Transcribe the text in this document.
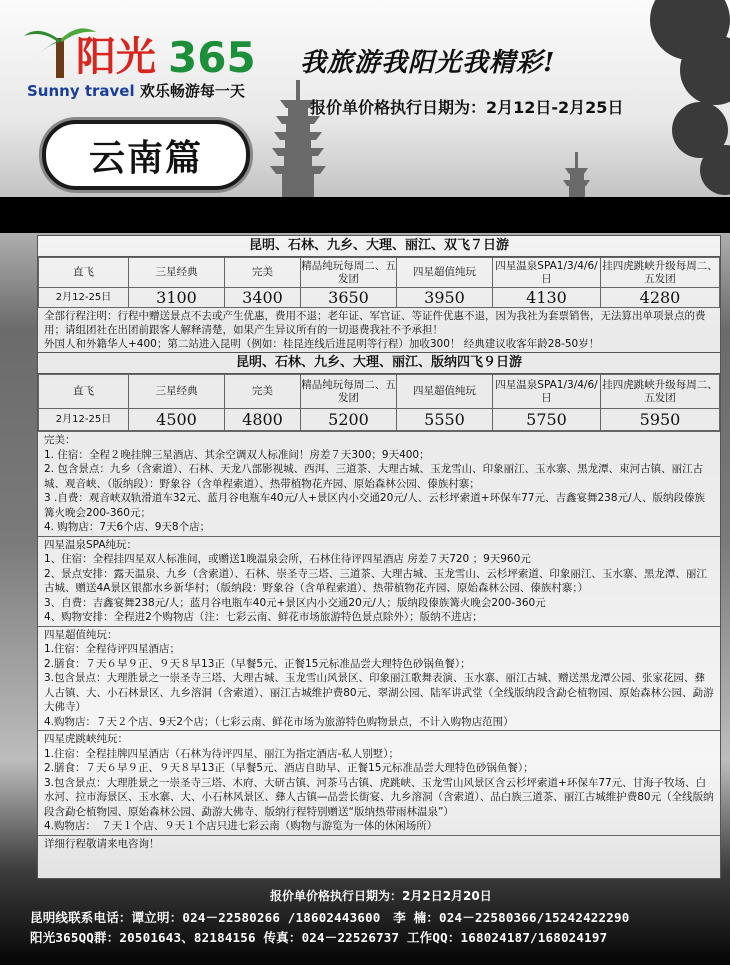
阳光 365
Sunny travel 欢乐畅游每一天
我旅游我阳光我精彩!
报价单价格执行日期为：2月12日-2月25日
云南篇
昆明、石林、九乡、大理、丽江、双飞７日游
直飞	三星经典	完美	精品纯玩每周二、五发团	四星超值纯玩	四星温泉SPA1/3/4/6/日	挂四虎跳峡升级每周二、五发团
2月12-25日	3100	3400	3650	3950	4130	4280

全部行程注明：行程中赠送景点不去或产生优惠，费用不退；老年证、军官证、等证件优惠不退，因为我社为套票销售，无法算出单项景点的费用；请组团社在出团前跟客人解释清楚，如果产生异议所有的一切退费我社不予承担！

外国人和外籍华人+400；第二站进入昆明（例如：桂昆连线后进昆明等行程）加收300！ 经典建议收客年龄28-50岁！

昆明、石林、九乡、大理、丽江、版纳四飞９日游
直飞	三星经典	完美	精品纯玩每周二、五发团	四星超值纯玩	四星温泉SPA1/3/4/6/日	挂四虎跳峡升级每周二、五发团
2月12-25日	4500	4800	5200	5550	5750	5950

完美：

1. 住宿：全程２晚挂牌三星酒店、其余空调双人标准间！房差７天300；9天400；

2. 包含景点：九乡（含索道）、石林、天龙八部影视城、西洱、三道茶、大理古城、玉龙雪山、印象丽江、玉水寨、黑龙潭、束河古镇、丽江古城、观音峡、（版纳段）：野象谷（含单程索道）、热带植物花卉园、原始森林公园、傣族村寨；

3 .自费：观音峡双轨滑道车32元、蓝月谷电瓶车40元/人+景区内小交通20元/人、云杉坪索道+环保车77元、吉鑫宴舞238元/人、版纳段傣族篝火晚会200-360元；

4. 购物店：7天6个店、9天8个店；

四星温泉SPA纯玩：

1、住宿：全程挂四星双人标准间，或赠送1晚温泉会所，石林住待评四星酒店 房差７天720 ；9天960元

2、景点安排：露天温泉、九乡（含索道）、石林、崇圣寺三塔、三道茶、大理古城、玉龙雪山、云杉坪索道、印象丽江、玉水寨、黑龙潭、丽江古城、赠送4A景区银都水乡新华村；（版纳段：野象谷（含单程索道）、热带植物花卉园、原始森林公园、傣族村寨；）

3、自费：吉鑫宴舞238元/人；蓝月谷电瓶车40元+景区内小交通20元/人；版纳段傣族篝火晚会200-360元

4、购物安排：全程进2个购物店（注：七彩云南、鲜花市场旅游特色景点除外）；版纳不进店；

四星超值纯玩：

1.住宿：全程待评四星酒店；

2.膳食：７天６早９正、９天８早13正（早餐5元、正餐15元标准品尝大理特色砂锅鱼餐）；

3.包含景点：大理胜景之一崇圣寺三塔、大理古城、玉龙雪山风景区、印象丽江歌舞表演、玉水寨、丽江古城、赠送黑龙潭公园、张家花园、彝人古镇、大、小石林景区、九乡溶洞（含索道）、丽江古城维护费80元、翠湖公园、陆军讲武堂（全线版纳段含勐仑植物园、原始森林公园、勐游大佛寺）

4.购物店：７天２个店、9天2个店；（七彩云南、鲜花市场为旅游特色购物景点，不计入购物店范围）

四星虎跳峡纯玩：

1.住宿：全程挂牌四星酒店（石林为待评四星、丽江为指定酒店-私人别墅）；

2.膳食：７天６早９正、９天８早13正（早餐5元、酒店自助早、正餐15元标准品尝大理特色砂锅鱼餐）；

3.包含景点：大理胜景之一崇圣寺三塔、木府、大研古镇、河茶马古镇、虎跳峡、玉龙雪山风景区含云杉坪索道+环保车77元、甘海子牧场、白水河、拉市海景区、玉水寨、大、小石林风景区、彝人古镇—品尝长街宴、九乡溶洞（含索道）、品白族三道茶、丽江古城维护费80元（全线版纳段含勐仑植物园、原始森林公园、勐游大佛寺、版纳行程特别赠送“版纳热带雨林温泉”）

4.购物店：　７天１个店、９天１个店只进七彩云南（购物与游览为一体的休闲场所）

详细行程敬请来电咨询！
报价单价格执行日期为：2月2日2月20日
昆明线联系电话：谭立明：024－22580266 /18602443600　李 楠：024－22580366/15242422290
阳光365QQ群：20501643、82184156 传真：024－22526737 工作QQ：168024187/168024197
